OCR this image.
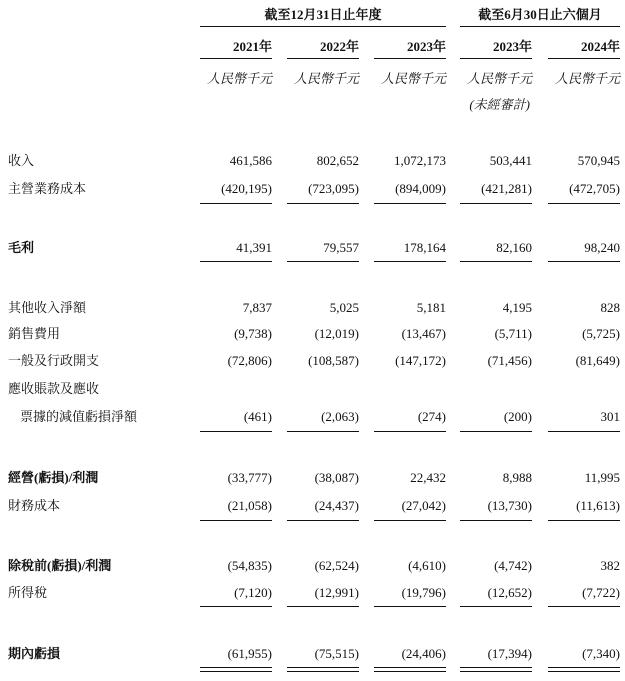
截至12月31日止年度	截至6月30日止六個月
2021年	2022年	2023年	2023年	2024年
人民幣千元	人民幣千元	人民幣千元	人民幣千元	人民幣千元
(未經審計)
收入	461,586	802,652	1,072,173	503,441	570,945
主營業務成本	(420,195)	(723,095)	(894,009)	(421,281)	(472,705)
毛利	41,391	79,557	178,164	82,160	98,240
其他收入淨額	7,837	5,025	5,181	4,195	828
銷售費用	(9,738)	(12,019)	(13,467)	(5,711)	(5,725)
一般及行政開支	(72,806)	(108,587)	(147,172)	(71,456)	(81,649)
應收賬款及應收
票據的減值虧損淨額	(461)	(2,063)	(274)	(200)	301
經營(虧損)/利潤	(33,777)	(38,087)	22,432	8,988	11,995
財務成本	(21,058)	(24,437)	(27,042)	(13,730)	(11,613)
除稅前(虧損)/利潤	(54,835)	(62,524)	(4,610)	(4,742)	382
所得稅	(7,120)	(12,991)	(19,796)	(12,652)	(7,722)
期內虧損	(61,955)	(75,515)	(24,406)	(17,394)	(7,340)
